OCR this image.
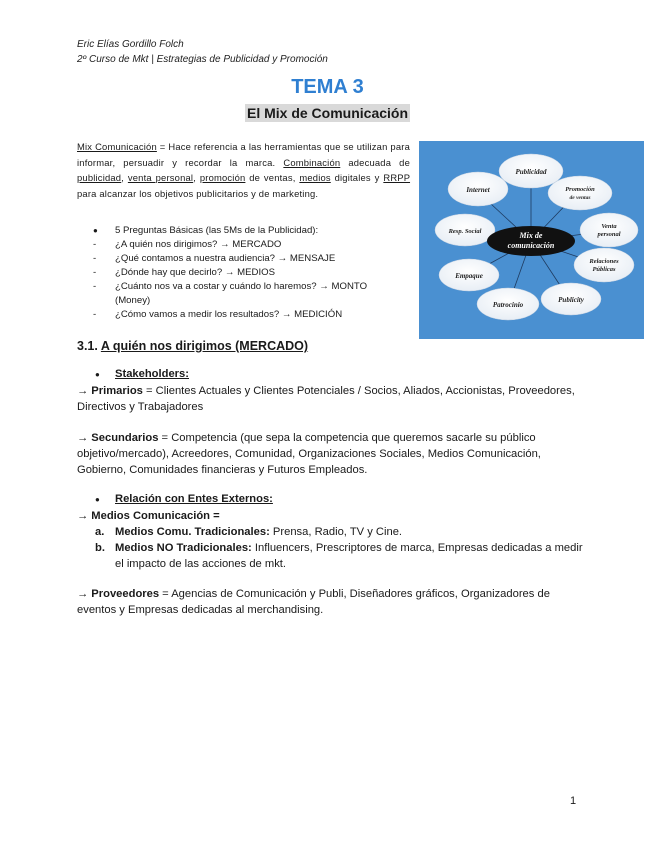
Eric Elías Gordillo Folch
2º Curso de Mkt | Estrategias de Publicidad y Promoción
TEMA 3
El Mix de Comunicación
Mix Comunicación = Hace referencia a las herramientas que se utilizan para informar, persuadir y recordar la marca. Combinación adecuada de publicidad, venta personal, promoción de ventas, medios digitales y RRPP para alcanzar los objetivos publicitarios y de marketing.
● 5 Preguntas Básicas (las 5Ms de la Publicidad):
- ¿A quién nos dirigimos? → MERCADO
- ¿Qué contamos a nuestra audiencia? → MENSAJE
- ¿Dónde hay que decirlo? → MEDIOS
- ¿Cuánto nos va a costar y cuándo lo haremos? → MONTO
(Money)
- ¿Cómo vamos a medir los resultados? → MEDICIÓN
Mix de
comunicación
Publicidad
Promoción
de ventas
Venta
personal
Relaciones
Públicas
Publicity
Patrocinio
Empaque
Resp. Social
Internet
3.1. A quién nos dirigimos (MERCADO)
● Stakeholders:
→ Primarios = Clientes Actuales y Clientes Potenciales / Socios, Aliados, Accionistas, Proveedores, Directivos y Trabajadores
→ Secundarios = Competencia (que sepa la competencia que queremos sacarle su público objetivo/mercado), Acreedores, Comunidad, Organizaciones Sociales, Medios Comunicación, Gobierno, Comunidades financieras y Futuros Empleados.
● Relación con Entes Externos:
→ Medios Comunicación =
a. Medios Comu. Tradicionales: Prensa, Radio, TV y Cine.
b. Medios NO Tradicionales: Influencers, Prescriptores de marca, Empresas dedicadas a medir el impacto de las acciones de mkt.
→ Proveedores = Agencias de Comunicación y Publi, Diseñadores gráficos, Organizadores de eventos y Empresas dedicadas al merchandising.
1
